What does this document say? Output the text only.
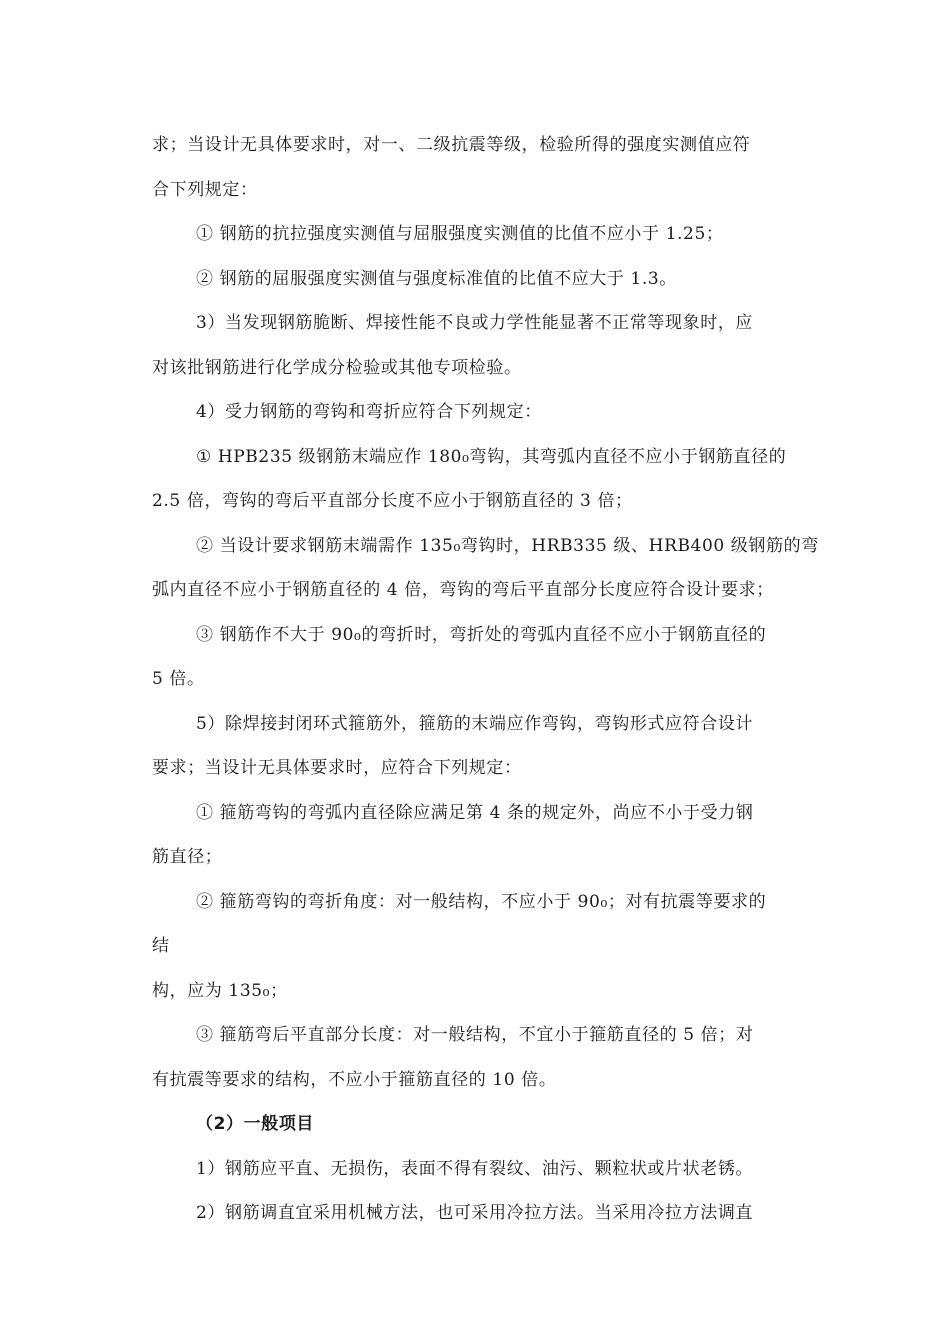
求；当设计无具体要求时，对一、二级抗震等级，检验所得的强度实测值应符
合下列规定：
① 钢筋的抗拉强度实测值与屈服强度实测值的比值不应小于 1.25；
② 钢筋的屈服强度实测值与强度标准值的比值不应大于 1.3。
3）当发现钢筋脆断、焊接性能不良或力学性能显著不正常等现象时，应
对该批钢筋进行化学成分检验或其他专项检验。
4）受力钢筋的弯钩和弯折应符合下列规定：
① HPB235 级钢筋末端应作 180₀弯钩，其弯弧内直径不应小于钢筋直径的
2.5 倍，弯钩的弯后平直部分长度不应小于钢筋直径的 3 倍；
② 当设计要求钢筋末端需作 135₀弯钩时，HRB335 级、HRB400 级钢筋的弯
弧内直径不应小于钢筋直径的 4 倍，弯钩的弯后平直部分长度应符合设计要求；
③ 钢筋作不大于 90₀的弯折时，弯折处的弯弧内直径不应小于钢筋直径的
5 倍。
5）除焊接封闭环式箍筋外，箍筋的末端应作弯钩，弯钩形式应符合设计
要求；当设计无具体要求时，应符合下列规定：
① 箍筋弯钩的弯弧内直径除应满足第 4 条的规定外，尚应不小于受力钢
筋直径；
② 箍筋弯钩的弯折角度：对一般结构，不应小于 90₀；对有抗震等要求的
结
构，应为 135₀；
③ 箍筋弯后平直部分长度：对一般结构，不宜小于箍筋直径的 5 倍；对
有抗震等要求的结构，不应小于箍筋直径的 10 倍。
（2）一般项目
1）钢筋应平直、无损伤，表面不得有裂纹、油污、颗粒状或片状老锈。
2）钢筋调直宜采用机械方法，也可采用冷拉方法。当采用冷拉方法调直
